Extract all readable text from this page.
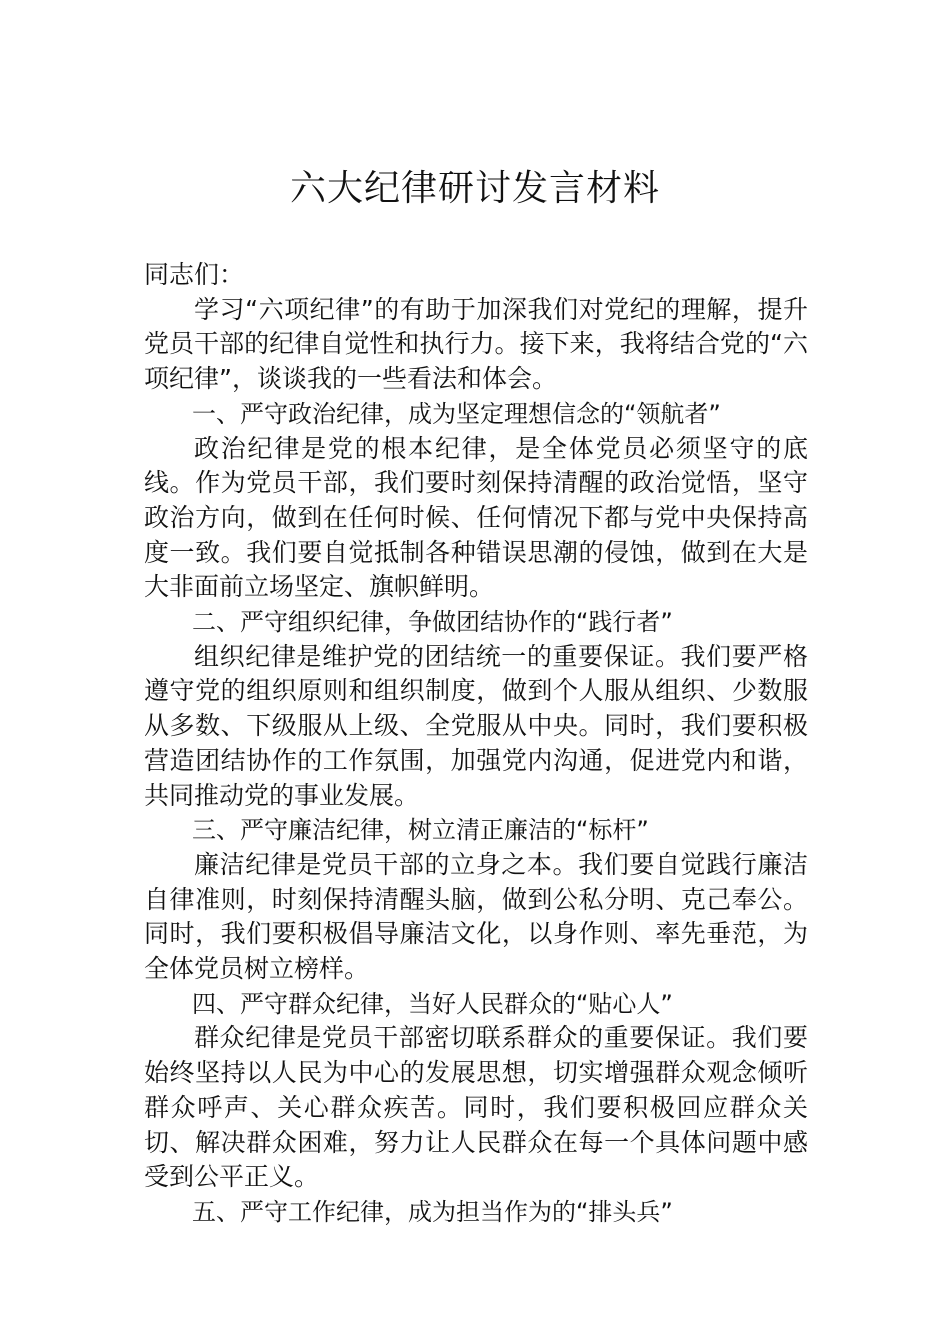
六大纪律研讨发言材料

同志们：

学习“六项纪律”的有助于加深我们对党纪的理解，提升党员干部的纪律自觉性和执行力。接下来，我将结合党的“六项纪律”，谈谈我的一些看法和体会。

一、严守政治纪律，成为坚定理想信念的“领航者”

政治纪律是党的根本纪律，是全体党员必须坚守的底线。作为党员干部，我们要时刻保持清醒的政治觉悟，坚守政治方向，做到在任何时候、任何情况下都与党中央保持高度一致。我们要自觉抵制各种错误思潮的侵蚀，做到在大是大非面前立场坚定、旗帜鲜明。

二、严守组织纪律，争做团结协作的“践行者”

组织纪律是维护党的团结统一的重要保证。我们要严格遵守党的组织原则和组织制度，做到个人服从组织、少数服从多数、下级服从上级、全党服从中央。同时，我们要积极营造团结协作的工作氛围，加强党内沟通，促进党内和谐，共同推动党的事业发展。

三、严守廉洁纪律，树立清正廉洁的“标杆”

廉洁纪律是党员干部的立身之本。我们要自觉践行廉洁自律准则，时刻保持清醒头脑，做到公私分明、克己奉公。同时，我们要积极倡导廉洁文化，以身作则、率先垂范，为全体党员树立榜样。

四、严守群众纪律，当好人民群众的“贴心人”

群众纪律是党员干部密切联系群众的重要保证。我们要始终坚持以人民为中心的发展思想，切实增强群众观念倾听群众呼声、关心群众疾苦。同时，我们要积极回应群众关切、解决群众困难，努力让人民群众在每一个具体问题中感受到公平正义。

五、严守工作纪律，成为担当作为的“排头兵”
